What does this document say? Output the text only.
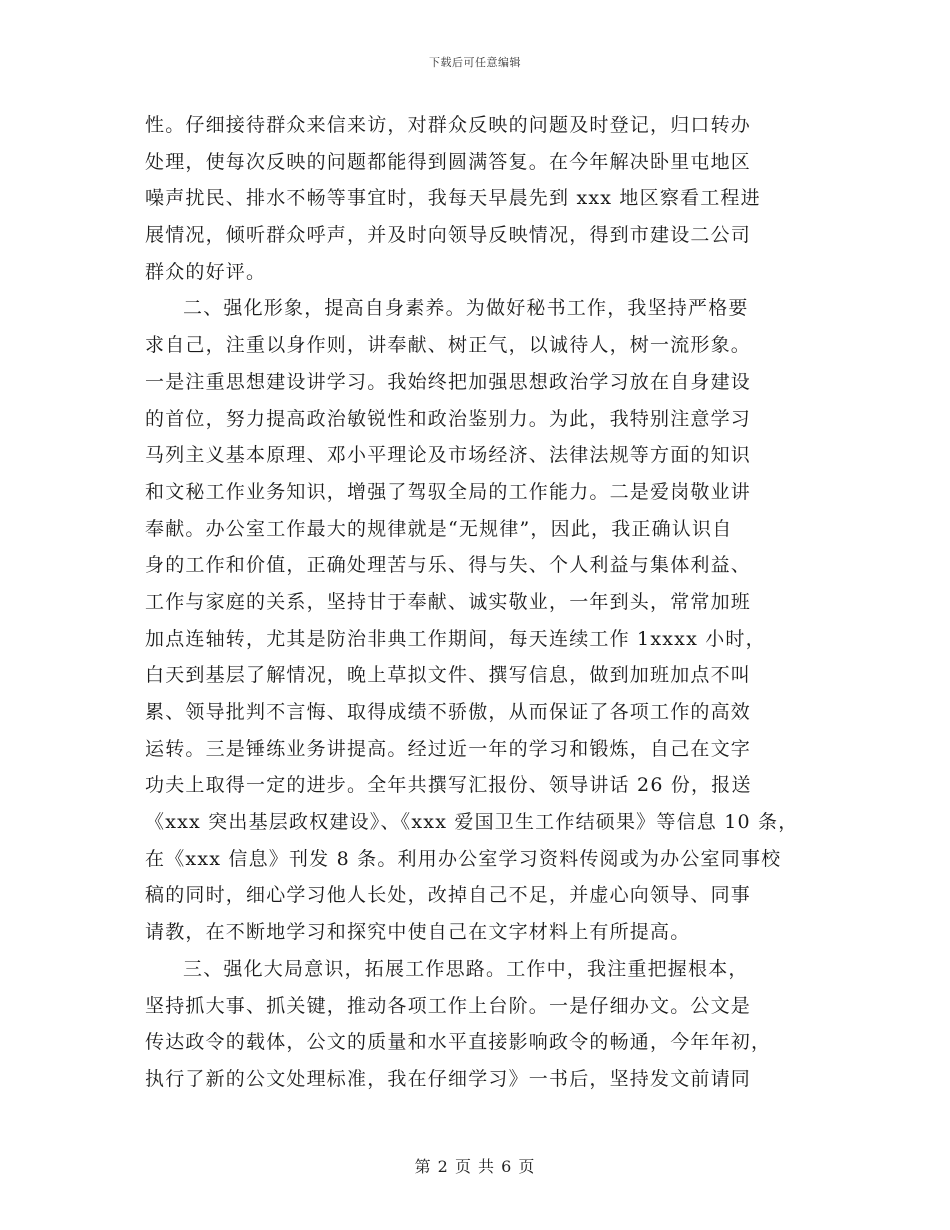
下载后可任意编辑
性。仔细接待群众来信来访，对群众反映的问题及时登记，归口转办
处理，使每次反映的问题都能得到圆满答复。在今年解决卧里屯地区
噪声扰民、排水不畅等事宜时，我每天早晨先到 xxx 地区察看工程进
展情况，倾听群众呼声，并及时向领导反映情况，得到市建设二公司
群众的好评。
二、强化形象，提高自身素养。为做好秘书工作，我坚持严格要
求自己，注重以身作则，讲奉献、树正气，以诚待人，树一流形象。
一是注重思想建设讲学习。我始终把加强思想政治学习放在自身建设
的首位，努力提高政治敏锐性和政治鉴别力。为此，我特别注意学习
马列主义基本原理、邓小平理论及市场经济、法律法规等方面的知识
和文秘工作业务知识，增强了驾驭全局的工作能力。二是爱岗敬业讲
奉献。办公室工作最大的规律就是“无规律”，因此，我正确认识自
身的工作和价值，正确处理苦与乐、得与失、个人利益与集体利益、
工作与家庭的关系，坚持甘于奉献、诚实敬业，一年到头，常常加班
加点连轴转，尤其是防治非典工作期间，每天连续工作 1xxxx 小时，
白天到基层了解情况，晚上草拟文件、撰写信息，做到加班加点不叫
累、领导批判不言悔、取得成绩不骄傲，从而保证了各项工作的高效
运转。三是锤练业务讲提高。经过近一年的学习和锻炼，自己在文字
功夫上取得一定的进步。全年共撰写汇报份、领导讲话 26 份，报送
《xxx 突出基层政权建设》、《xxx 爱国卫生工作结硕果》等信息 10 条，
在《xxx 信息》刊发 8 条。利用办公室学习资料传阅或为办公室同事校
稿的同时，细心学习他人长处，改掉自己不足，并虚心向领导、同事
请教，在不断地学习和探究中使自己在文字材料上有所提高。
三、强化大局意识，拓展工作思路。工作中，我注重把握根本，
坚持抓大事、抓关键，推动各项工作上台阶。一是仔细办文。公文是
传达政令的载体，公文的质量和水平直接影响政令的畅通，今年年初，
执行了新的公文处理标准，我在仔细学习》一书后，坚持发文前请同
第 2 页 共 6 页
